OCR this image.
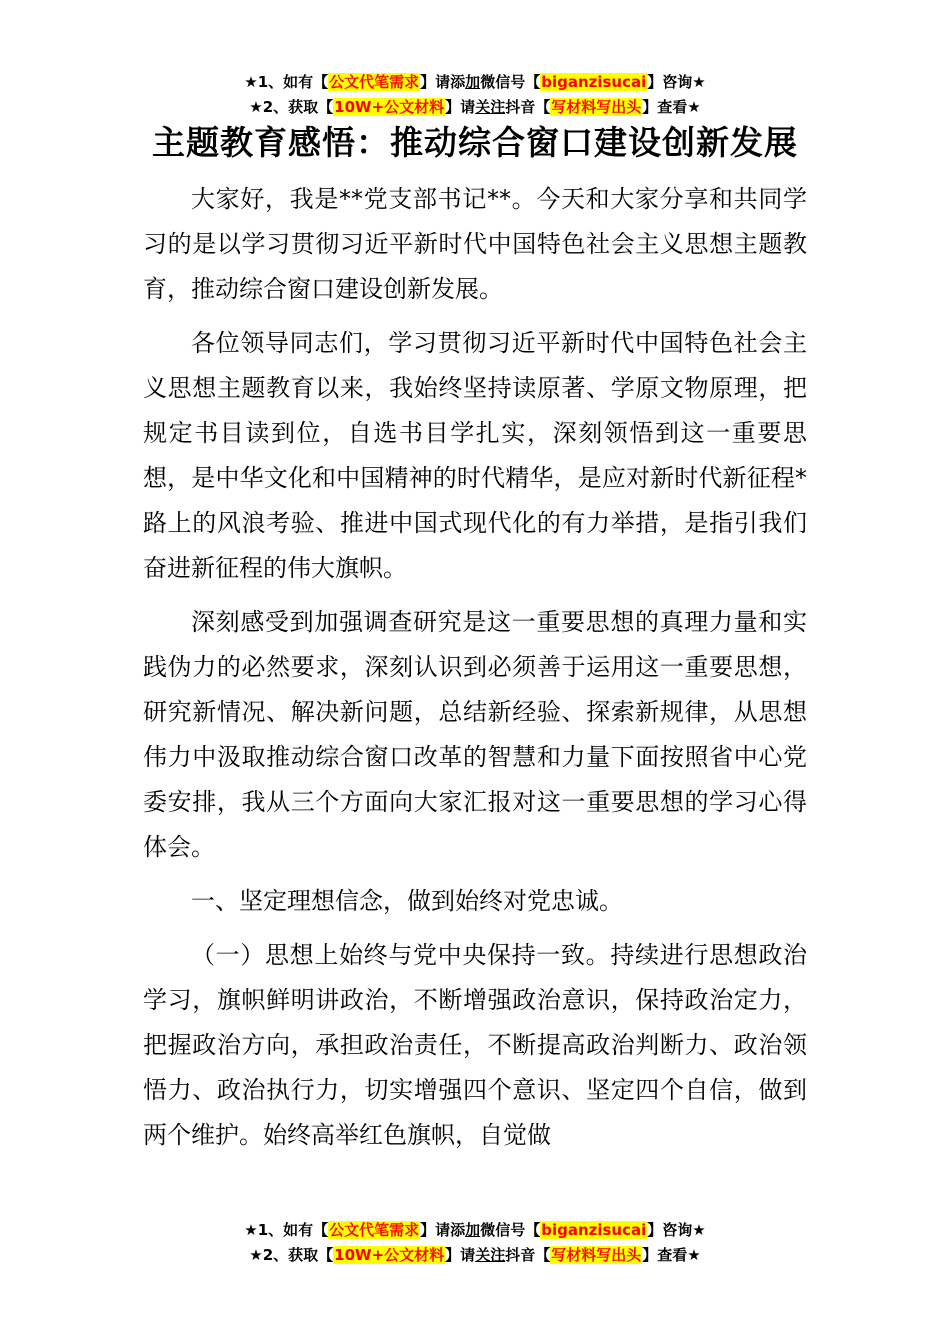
★1、如有【公文代笔需求】请添加微信号【biganzisucai】咨询★
★2、获取【10W+公文材料】请关注抖音【写材料写出头】查看★
主题教育感悟：推动综合窗口建设创新发展

大家好，我是**党支部书记**。今天和大家分享和共同学习的是以学习贯彻习近平新时代中国特色社会主义思想主题教育，推动综合窗口建设创新发展。

各位领导同志们，学习贯彻习近平新时代中国特色社会主义思想主题教育以来，我始终坚持读原著、学原文物原理，把规定书目读到位，自选书目学扎实，深刻领悟到这一重要思想，是中华文化和中国精神的时代精华，是应对新时代新征程*路上的风浪考验、推进中国式现代化的有力举措，是指引我们奋进新征程的伟大旗帜。

深刻感受到加强调查研究是这一重要思想的真理力量和实践伪力的必然要求，深刻认识到必须善于运用这一重要思想，研究新情况、解决新问题，总结新经验、探索新规律，从思想伟力中汲取推动综合窗口改革的智慧和力量下面按照省中心党委安排，我从三个方面向大家汇报对这一重要思想的学习心得体会。

一、坚定理想信念，做到始终对党忠诚。

（一）思想上始终与党中央保持一致。持续进行思想政治学习，旗帜鲜明讲政治，不断增强政治意识，保持政治定力，把握政治方向，承担政治责任，不断提高政治判断力、政治领悟力、政治执行力，切实增强四个意识、坚定四个自信，做到两个维护。始终高举红色旗帜，自觉做

★1、如有【公文代笔需求】请添加微信号【biganzisucai】咨询★
★2、获取【10W+公文材料】请关注抖音【写材料写出头】查看★
